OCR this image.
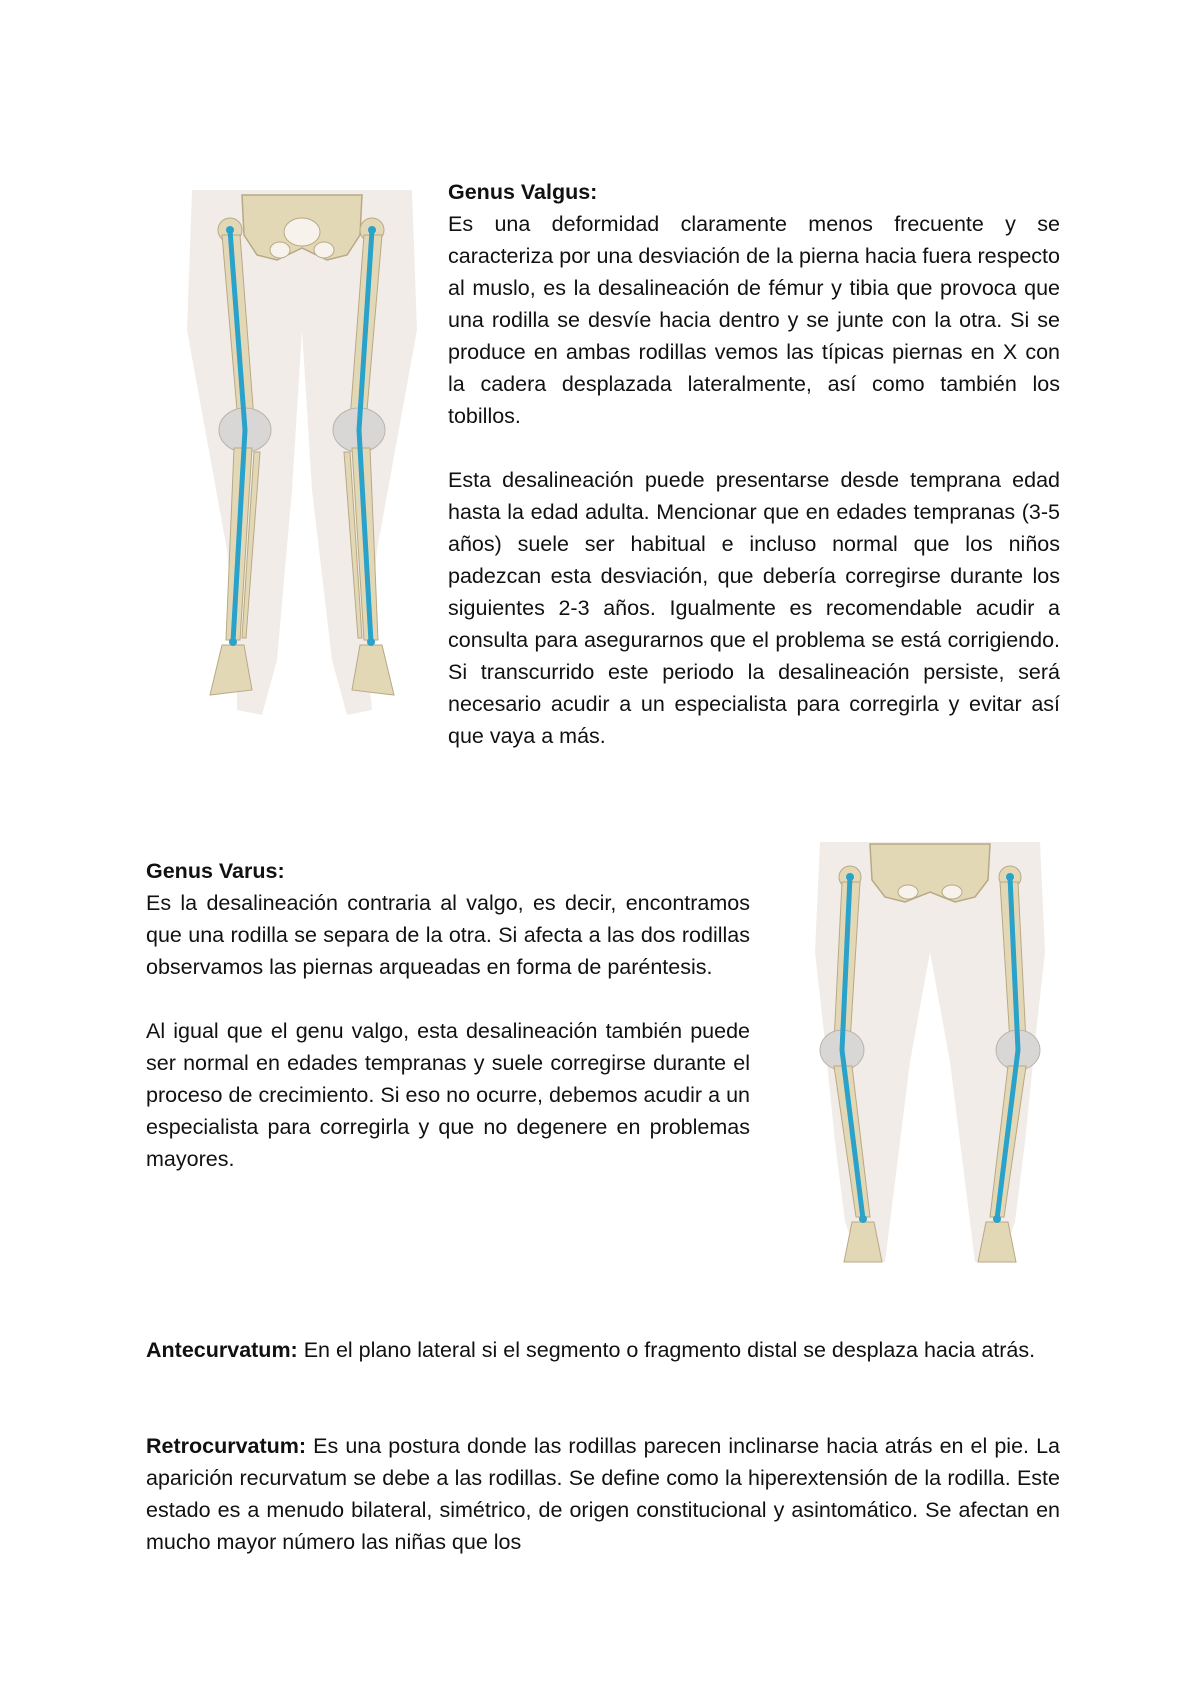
Genus Valgus:

Es una deformidad claramente menos frecuente y se caracteriza por una desviación de la pierna hacia fuera respecto al muslo, es la desalineación de fémur y tibia que provoca que una rodilla se desvíe hacia dentro y se junte con la otra. Si se produce en ambas rodillas vemos las típicas piernas en X con la cadera desplazada lateralmente, así como también los tobillos.

Esta desalineación puede presentarse desde temprana edad hasta la edad adulta. Mencionar que en edades tempranas (3-5 años) suele ser habitual e incluso normal que los niños padezcan esta desviación, que debería corregirse durante los siguientes 2-3 años. Igualmente es recomendable acudir a consulta para asegurarnos que el problema se está corrigiendo. Si transcurrido este periodo la desalineación persiste, será necesario acudir a un especialista para corregirla y evitar así que vaya a más.

Genus Varus:

Es la desalineación contraria al valgo, es decir, encontramos que una rodilla se separa de la otra. Si afecta a las dos rodillas observamos las piernas arqueadas en forma de paréntesis.

Al igual que el genu valgo, esta desalineación también puede ser normal en edades tempranas y suele corregirse durante el proceso de crecimiento. Si eso no ocurre, debemos acudir a un especialista para corregirla y que no degenere en problemas mayores.

Antecurvatum: En el plano lateral si el segmento o fragmento distal se desplaza hacia atrás.

Retrocurvatum: Es una postura donde las rodillas parecen inclinarse hacia atrás en el pie. La aparición recurvatum se debe a las rodillas. Se define como la hiperextensión de la rodilla. Este estado es a menudo bilateral, simétrico, de origen constitucional y asintomático. Se afectan en mucho mayor número las niñas que los
